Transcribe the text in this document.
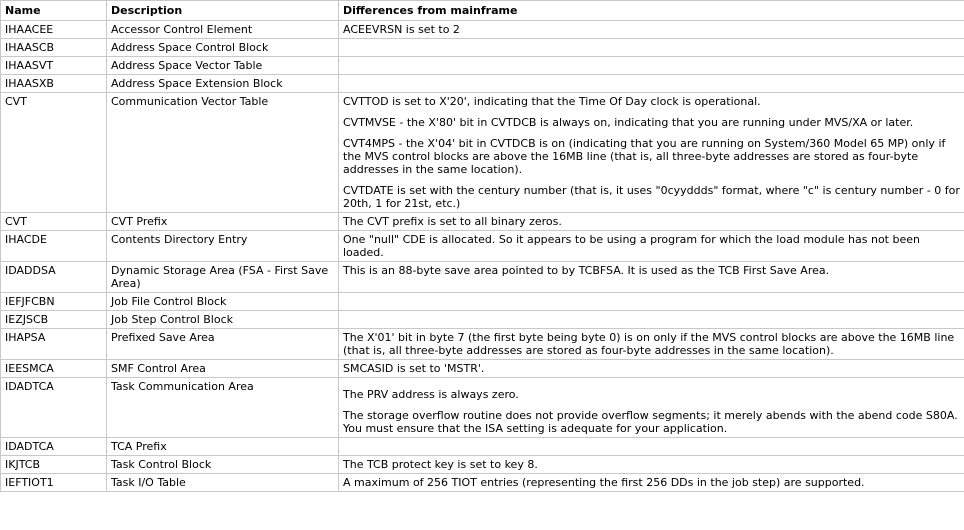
Name	Description	Differences from mainframe
IHAACEE	Accessor Control Element	ACEEVRSN is set to 2

IHAASCB	Address Space Control Block	
IHAASVT	Address Space Vector Table	
IHAASXB	Address Space Extension Block	
CVT	Communication Vector Table	CVTTOD is set to X'20', indicating that the Time Of Day clock is operational.
CVTMVSE - the X'80' bit in CVTDCB is always on, indicating that you are running under MVS/XA or later.
CVT4MPS - the X'04' bit in CVTDCB is on (indicating that you are running on System/360 Model 65 MP) only if the MVS control blocks are above the 16MB line (that is, all three-byte addresses are stored as four-byte addresses in the same location).
CVTDATE is set with the century number (that is, it uses "0cyyddds" format, where "c" is century number - 0 for 20th, 1 for 21st, etc.)

CVT	CVT Prefix	The CVT prefix is set to all binary zeros.

IHACDE	Contents Directory Entry	One "null" CDE is allocated. So it appears to be using a program for which the load module has not been loaded.

IDADDSA	Dynamic Storage Area (FSA - First Save Area)	This is an 88-byte save area pointed to by TCBFSA. It is used as the TCB First Save Area.

IEFJFCBN	Job File Control Block	
IEZJSCB	Job Step Control Block	
IHAPSA	Prefixed Save Area	The X'01' bit in byte 7 (the first byte being byte 0) is on only if the MVS control blocks are above the 16MB line (that is, all three-byte addresses are stored as four-byte addresses in the same location).

IEESMCA	SMF Control Area	SMCASID is set to 'MSTR'.

IDADTCA	Task Communication Area	The PRV address is always zero.
The storage overflow routine does not provide overflow segments; it merely abends with the abend code S80A. You must ensure that the ISA setting is adequate for your application.

IDADTCA	TCA Prefix	
IKJTCB	Task Control Block	The TCB protect key is set to key 8.

IEFTIOT1	Task I/O Table	A maximum of 256 TIOT entries (representing the first 256 DDs in the job step) are supported.
